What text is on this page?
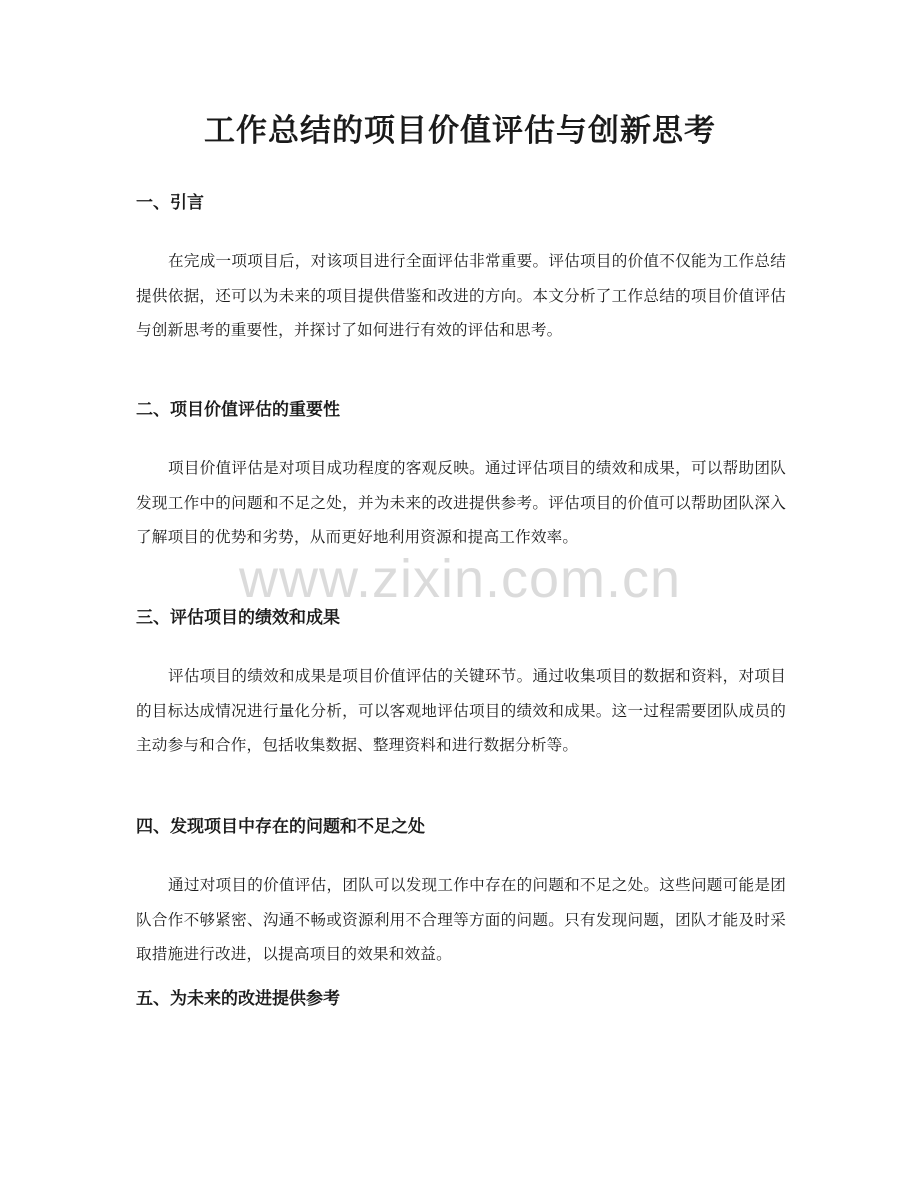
工作总结的项目价值评估与创新思考
一、引言

在完成一项项目后，对该项目进行全面评估非常重要。评估项目的价值不仅能为工作总结提供依据，还可以为未来的项目提供借鉴和改进的方向。本文分析了工作总结的项目价值评估与创新思考的重要性，并探讨了如何进行有效的评估和思考。

二、项目价值评估的重要性

项目价值评估是对项目成功程度的客观反映。通过评估项目的绩效和成果，可以帮助团队发现工作中的问题和不足之处，并为未来的改进提供参考。评估项目的价值可以帮助团队深入了解项目的优势和劣势，从而更好地利用资源和提高工作效率。

三、评估项目的绩效和成果

评估项目的绩效和成果是项目价值评估的关键环节。通过收集项目的数据和资料，对项目的目标达成情况进行量化分析，可以客观地评估项目的绩效和成果。这一过程需要团队成员的主动参与和合作，包括收集数据、整理资料和进行数据分析等。

四、发现项目中存在的问题和不足之处

通过对项目的价值评估，团队可以发现工作中存在的问题和不足之处。这些问题可能是团队合作不够紧密、沟通不畅或资源利用不合理等方面的问题。只有发现问题，团队才能及时采取措施进行改进，以提高项目的效果和效益。

五、为未来的改进提供参考
www.zixin.com.cn
